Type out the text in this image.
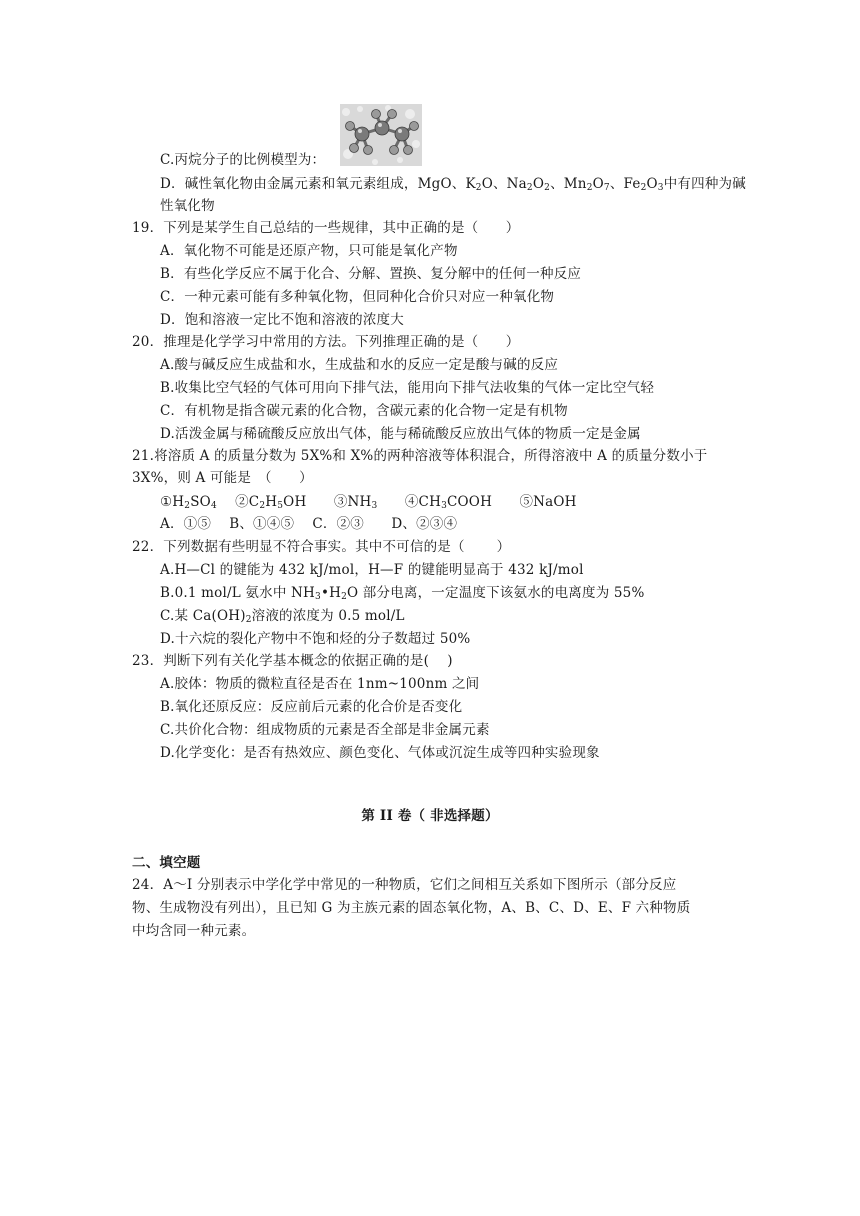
C.丙烷分子的比例模型为：
D．碱性氧化物由金属元素和氧元素组成，MgO、$K_2O$、$Na_2O_2$、$Mn_2O_7$、$Fe_2O_3$中有四种为碱
性氧化物
19．下列是某学生自己总结的一些规律，其中正确的是（　　）
A．氧化物不可能是还原产物，只可能是氧化产物
B．有些化学反应不属于化合、分解、置换、复分解中的任何一种反应
C．一种元素可能有多种氧化物，但同种化合价只对应一种氧化物
D．饱和溶液一定比不饱和溶液的浓度大
20．推理是化学学习中常用的方法。下列推理正确的是（　　）
A.酸与碱反应生成盐和水，生成盐和水的反应一定是酸与碱的反应
B.收集比空气轻的气体可用向下排气法，能用向下排气法收集的气体一定比空气轻
C．有机物是指含碳元素的化合物，含碳元素的化合物一定是有机物
D.活泼金属与稀硫酸反应放出气体，能与稀硫酸反应放出气体的物质一定是金属
21.将溶质 A 的质量分数为 5X%和 X%的两种溶液等体积混合，所得溶液中 A 的质量分数小于
3X%，则 A 可能是　（　　）
$①H_2SO_4$　 $②C_2H_5OH$　　 $③NH_3$　　 $④CH_3COOH$　　 ⑤NaOH
A．①⑤　 B、①④⑤　 C．②③　　D、②③④
22．下列数据有些明显不符合事实。其中不可信的是（　　 ）
A.H—Cl 的键能为 432 kJ/mol，H—F 的键能明显高于 432 kJ/mol
B.0.1 mol/L 氨水中 $NH_3•H_2O$ 部分电离，一定温度下该氨水的电离度为 55%
C.某 $Ca(OH)_2$溶液的浓度为 0.5 mol/L
D.十六烷的裂化产物中不饱和烃的分子数超过 50%
23．判断下列有关化学基本概念的依据正确的是(　 )
A.胶体：物质的微粒直径是否在 1nm~100nm 之间
B.氧化还原反应：反应前后元素的化合价是否变化
C.共价化合物：组成物质的元素是否全部是非金属元素
D.化学变化：是否有热效应、颜色变化、气体或沉淀生成等四种实验现象
第 II 卷（ 非选择题）
二、填空题
24．A～I 分别表示中学化学中常见的一种物质，它们之间相互关系如下图所示（部分反应
物、生成物没有列出），且已知 G 为主族元素的固态氧化物，A、B、C、D、E、F 六种物质
中均含同一种元素。
